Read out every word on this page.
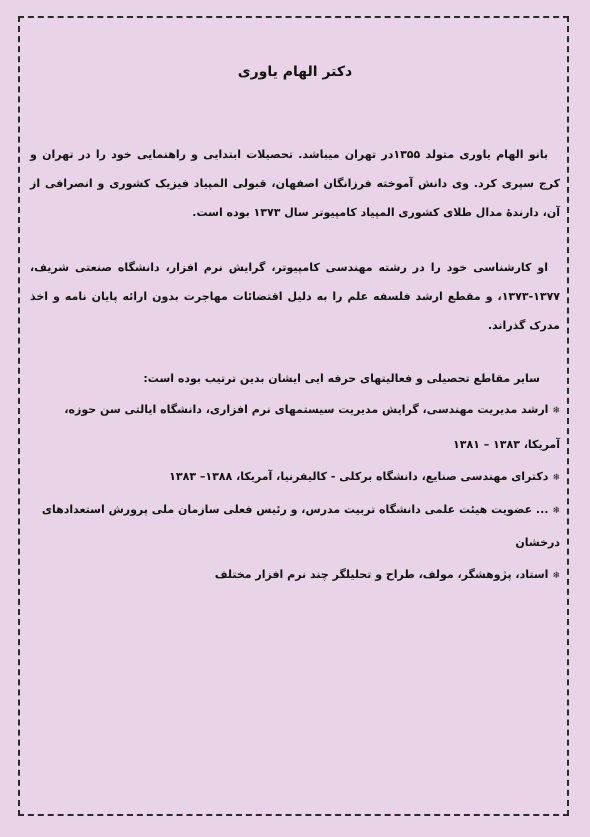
دکتر الهام یاوری

بانو الهام یاوری متولد ۱۳۵۵در تهران میباشد. تحصیلات ابتدایی و راهنمایی خود را در تهران و کرج سپری کرد. وی دانش آموخته فرزانگان اصفهان، قبولی المپیاد فیزیک کشوری و انصرافی از آن، دارندهٔ مدال طلای کشوری المپیاد کامپیوتر سال ۱۳۷۳ بوده است.

او کارشناسی خود را در رشته مهندسی کامپیوتر، گرایش نرم افزار، دانشگاه صنعتی شریف، ۱۳۷۷-۱۳۷۳، و مقطع ارشد فلسفه علم را به دلیل اقتضائات مهاجرت بدون ارائه پایان نامه و اخذ مدرک گذراند.

سایر مقاطع تحصیلی و فعالیتهای حرفه ایی ایشان بدین ترتیب بوده است:

❄ارشد مدیریت مهندسی، گرایش مدیریت سیستمهای نرم افزاری، دانشگاه ایالتی سن حوزه، آمریکا، ۱۳۸۳ – ۱۳۸۱
❄دکترای مهندسی صنایع، دانشگاه برکلی - کالیفرنیا، آمریکا، ۱۳۸۸– ۱۳۸۳
❄... عضویت هیئت علمی دانشگاه تربیت مدرس، و رئیس فعلی سازمان ملی پرورش استعدادهای درخشان
❄استاد، پژوهشگر، مولف، طراح و تحلیلگر چند نرم افزار مختلف
